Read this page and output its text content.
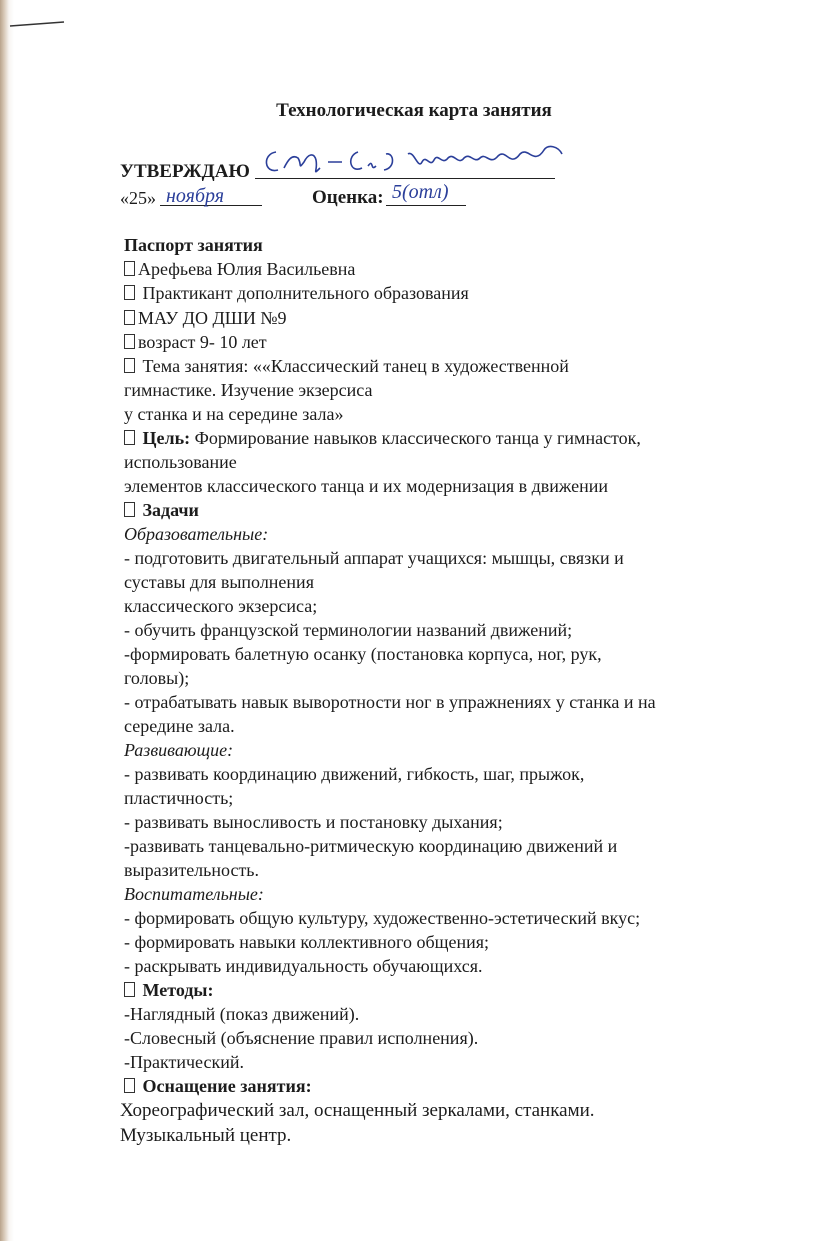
Технологическая карта занятия
УТВЕРЖДАЮ
«25» ноября	Оценка: 5(отл)
Паспорт занятия
Арефьева Юлия Васильевна
Практикант дополнительного образования
МАУ ДО ДШИ №9
возраст 9- 10 лет
Тема занятия: ««Классический танец в художественной
гимнастике. Изучение экзерсиса
у станка и на середине зала»
Цель: Формирование навыков классического танца у гимнасток,
использование
элементов классического танца и их модернизация в движении
Задачи
Образовательные:
- подготовить двигательный аппарат учащихся: мышцы, связки и
суставы для выполнения
классического экзерсиса;
- обучить французской терминологии названий движений;
-формировать балетную осанку (постановка корпуса, ног, рук,
головы);
- отрабатывать навык выворотности ног в упражнениях у станка и на
середине зала.
Развивающие:
- развивать координацию движений, гибкость, шаг, прыжок,
пластичность;
- развивать выносливость и постановку дыхания;
-развивать танцевально-ритмическую координацию движений и
выразительность.
Воспитательные:
- формировать общую культуру, художественно-эстетический вкус;
- формировать навыки коллективного общения;
- раскрывать индивидуальность обучающихся.
Методы:
-Наглядный (показ движений).
-Словесный (объяснение правил исполнения).
-Практический.
Оснащение занятия:
Хореографический зал, оснащенный зеркалами, станками.
Музыкальный центр.
